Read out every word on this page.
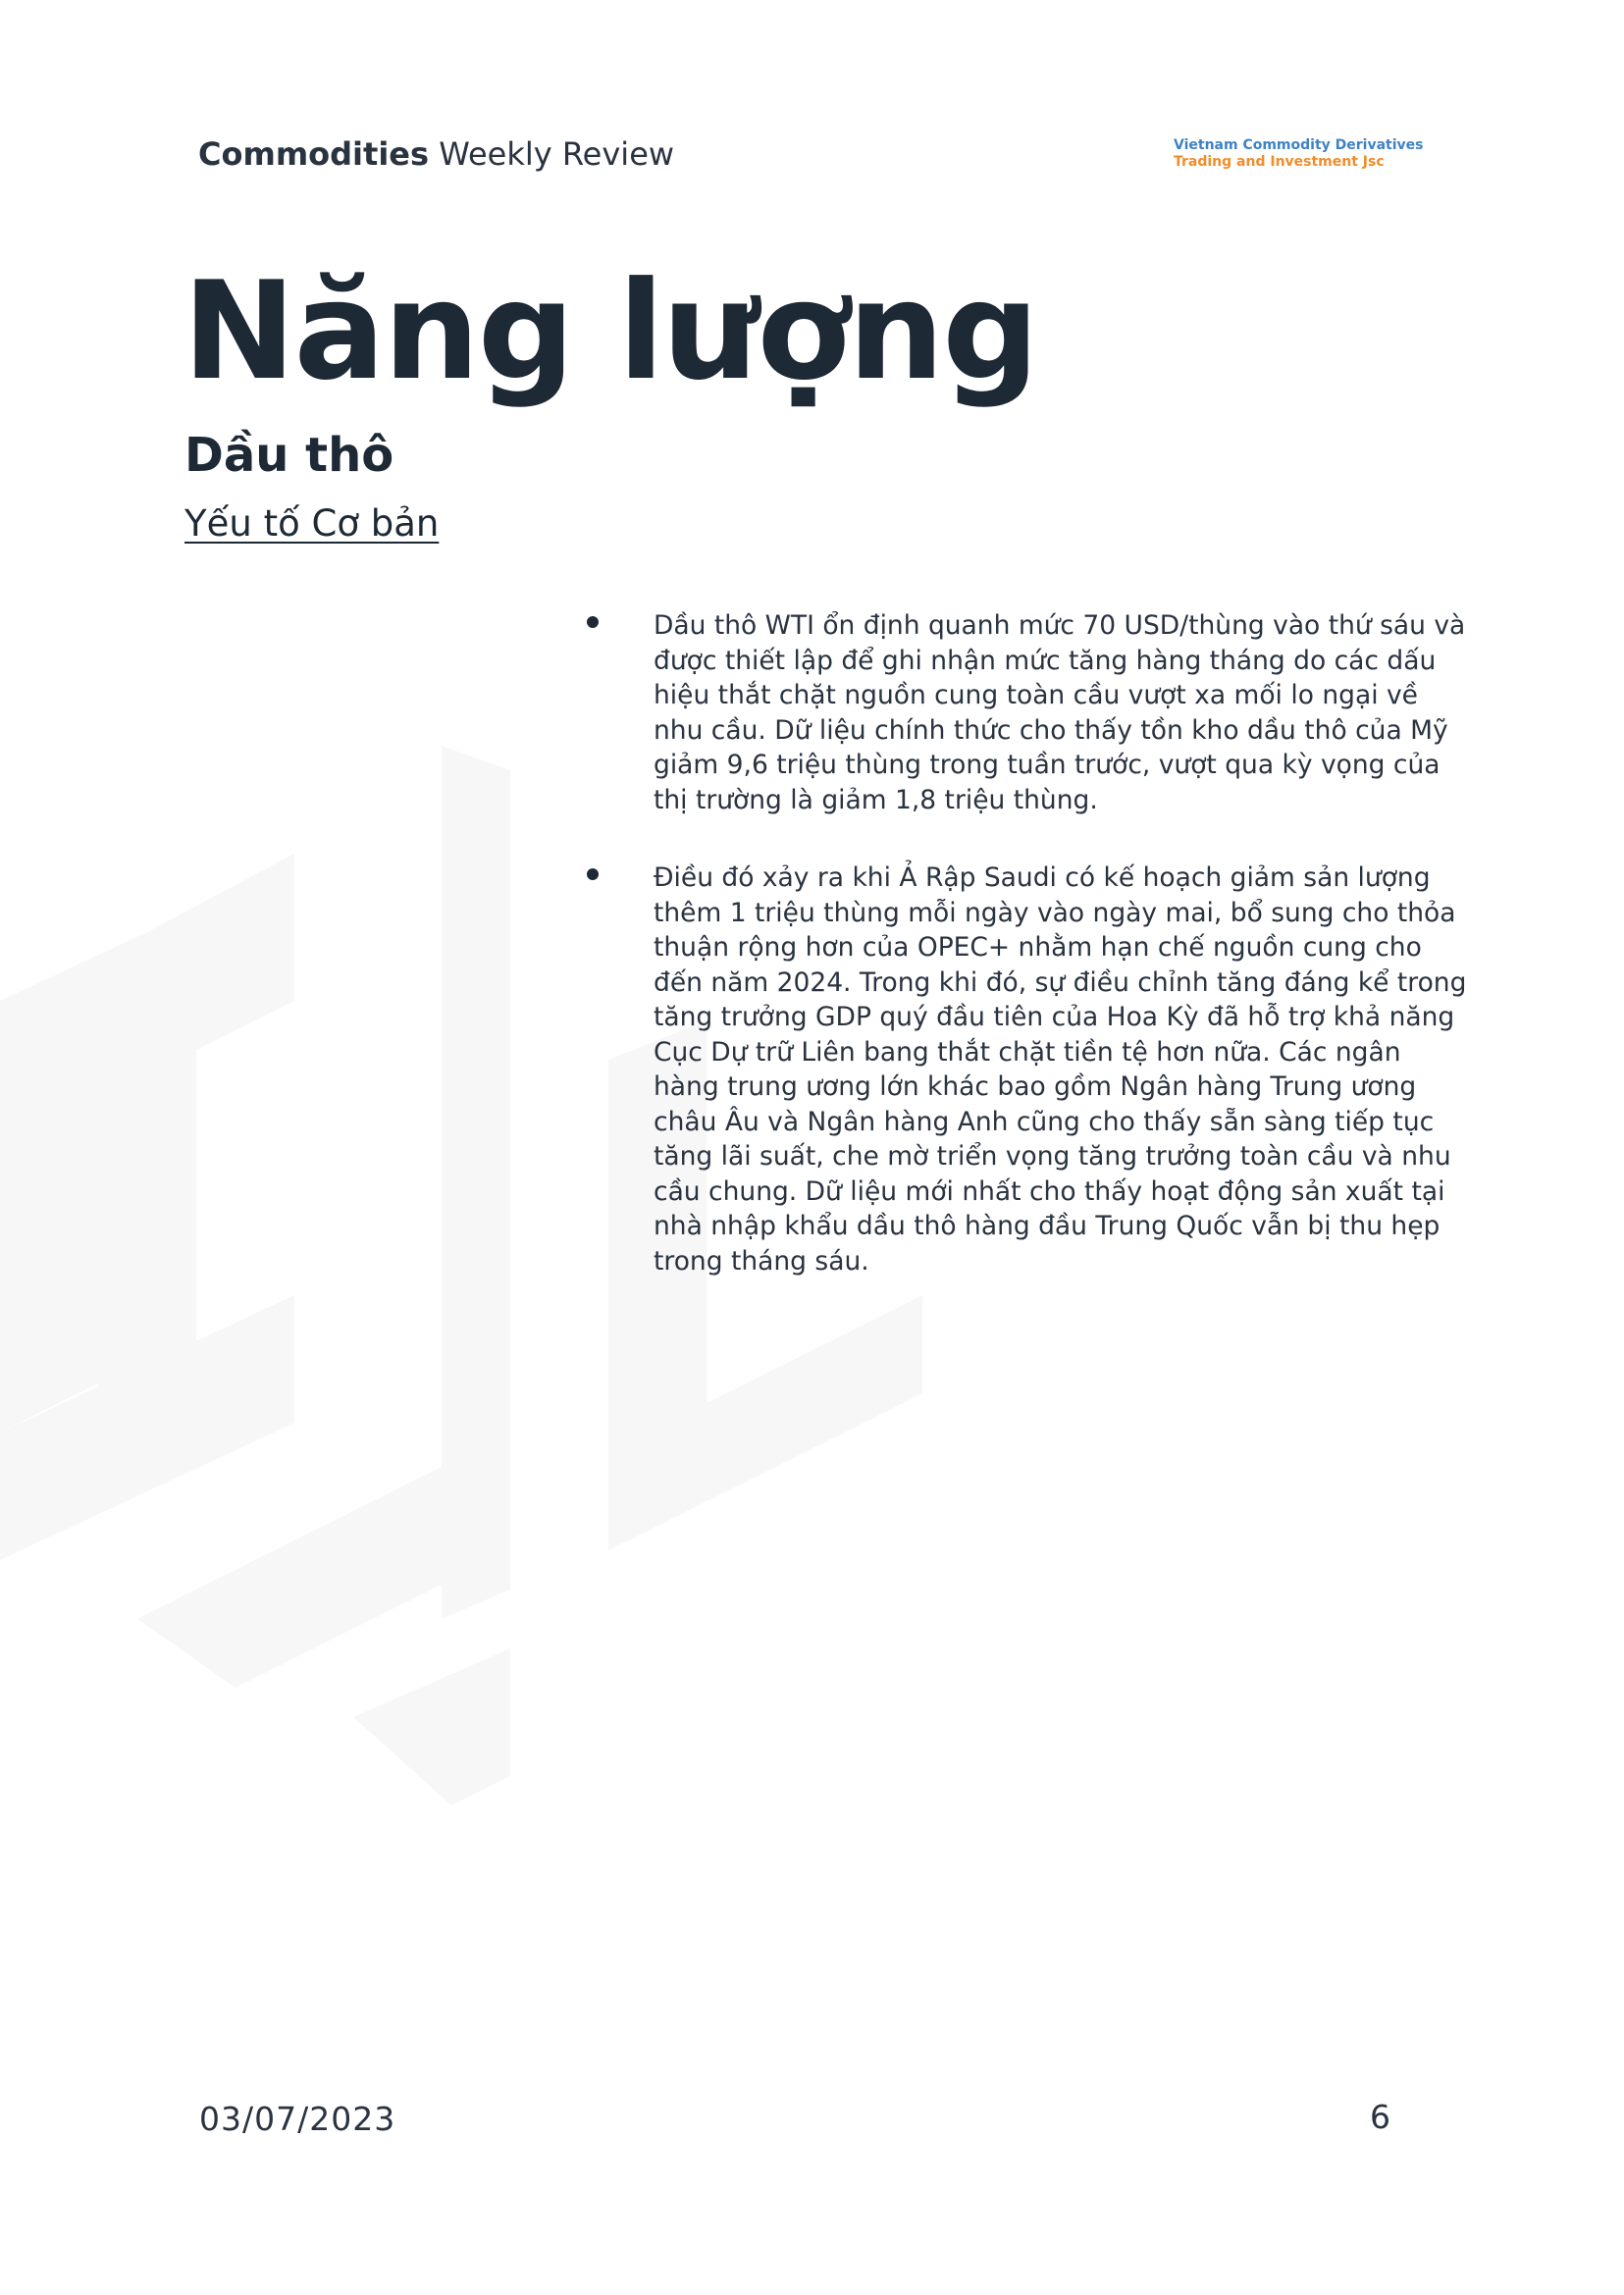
Commodities Weekly Review	Vietnam Commodity Derivatives
Trading and Investment Jsc
Năng lượng
Dầu thô
Yếu tố Cơ bản
Dầu thô WTI ổn định quanh mức 70 USD/thùng vào thứ sáu và được thiết lập để ghi nhận mức tăng hàng tháng do các dấu hiệu thắt chặt nguồn cung toàn cầu vượt xa mối lo ngại về nhu cầu. Dữ liệu chính thức cho thấy tồn kho dầu thô của Mỹ giảm 9,6 triệu thùng trong tuần trước, vượt qua kỳ vọng của thị trường là giảm 1,8 triệu thùng.
Điều đó xảy ra khi Ả Rập Saudi có kế hoạch giảm sản lượng thêm 1 triệu thùng mỗi ngày vào ngày mai, bổ sung cho thỏa thuận rộng hơn của OPEC+ nhằm hạn chế nguồn cung cho đến năm 2024. Trong khi đó, sự điều chỉnh tăng đáng kể trong tăng trưởng GDP quý đầu tiên của Hoa Kỳ đã hỗ trợ khả năng Cục Dự trữ Liên bang thắt chặt tiền tệ hơn nữa. Các ngân hàng trung ương lớn khác bao gồm Ngân hàng Trung ương châu Âu và Ngân hàng Anh cũng cho thấy sẵn sàng tiếp tục tăng lãi suất, che mờ triển vọng tăng trưởng toàn cầu và nhu cầu chung. Dữ liệu mới nhất cho thấy hoạt động sản xuất tại nhà nhập khẩu dầu thô hàng đầu Trung Quốc vẫn bị thu hẹp trong tháng sáu.
03/07/2023	6
